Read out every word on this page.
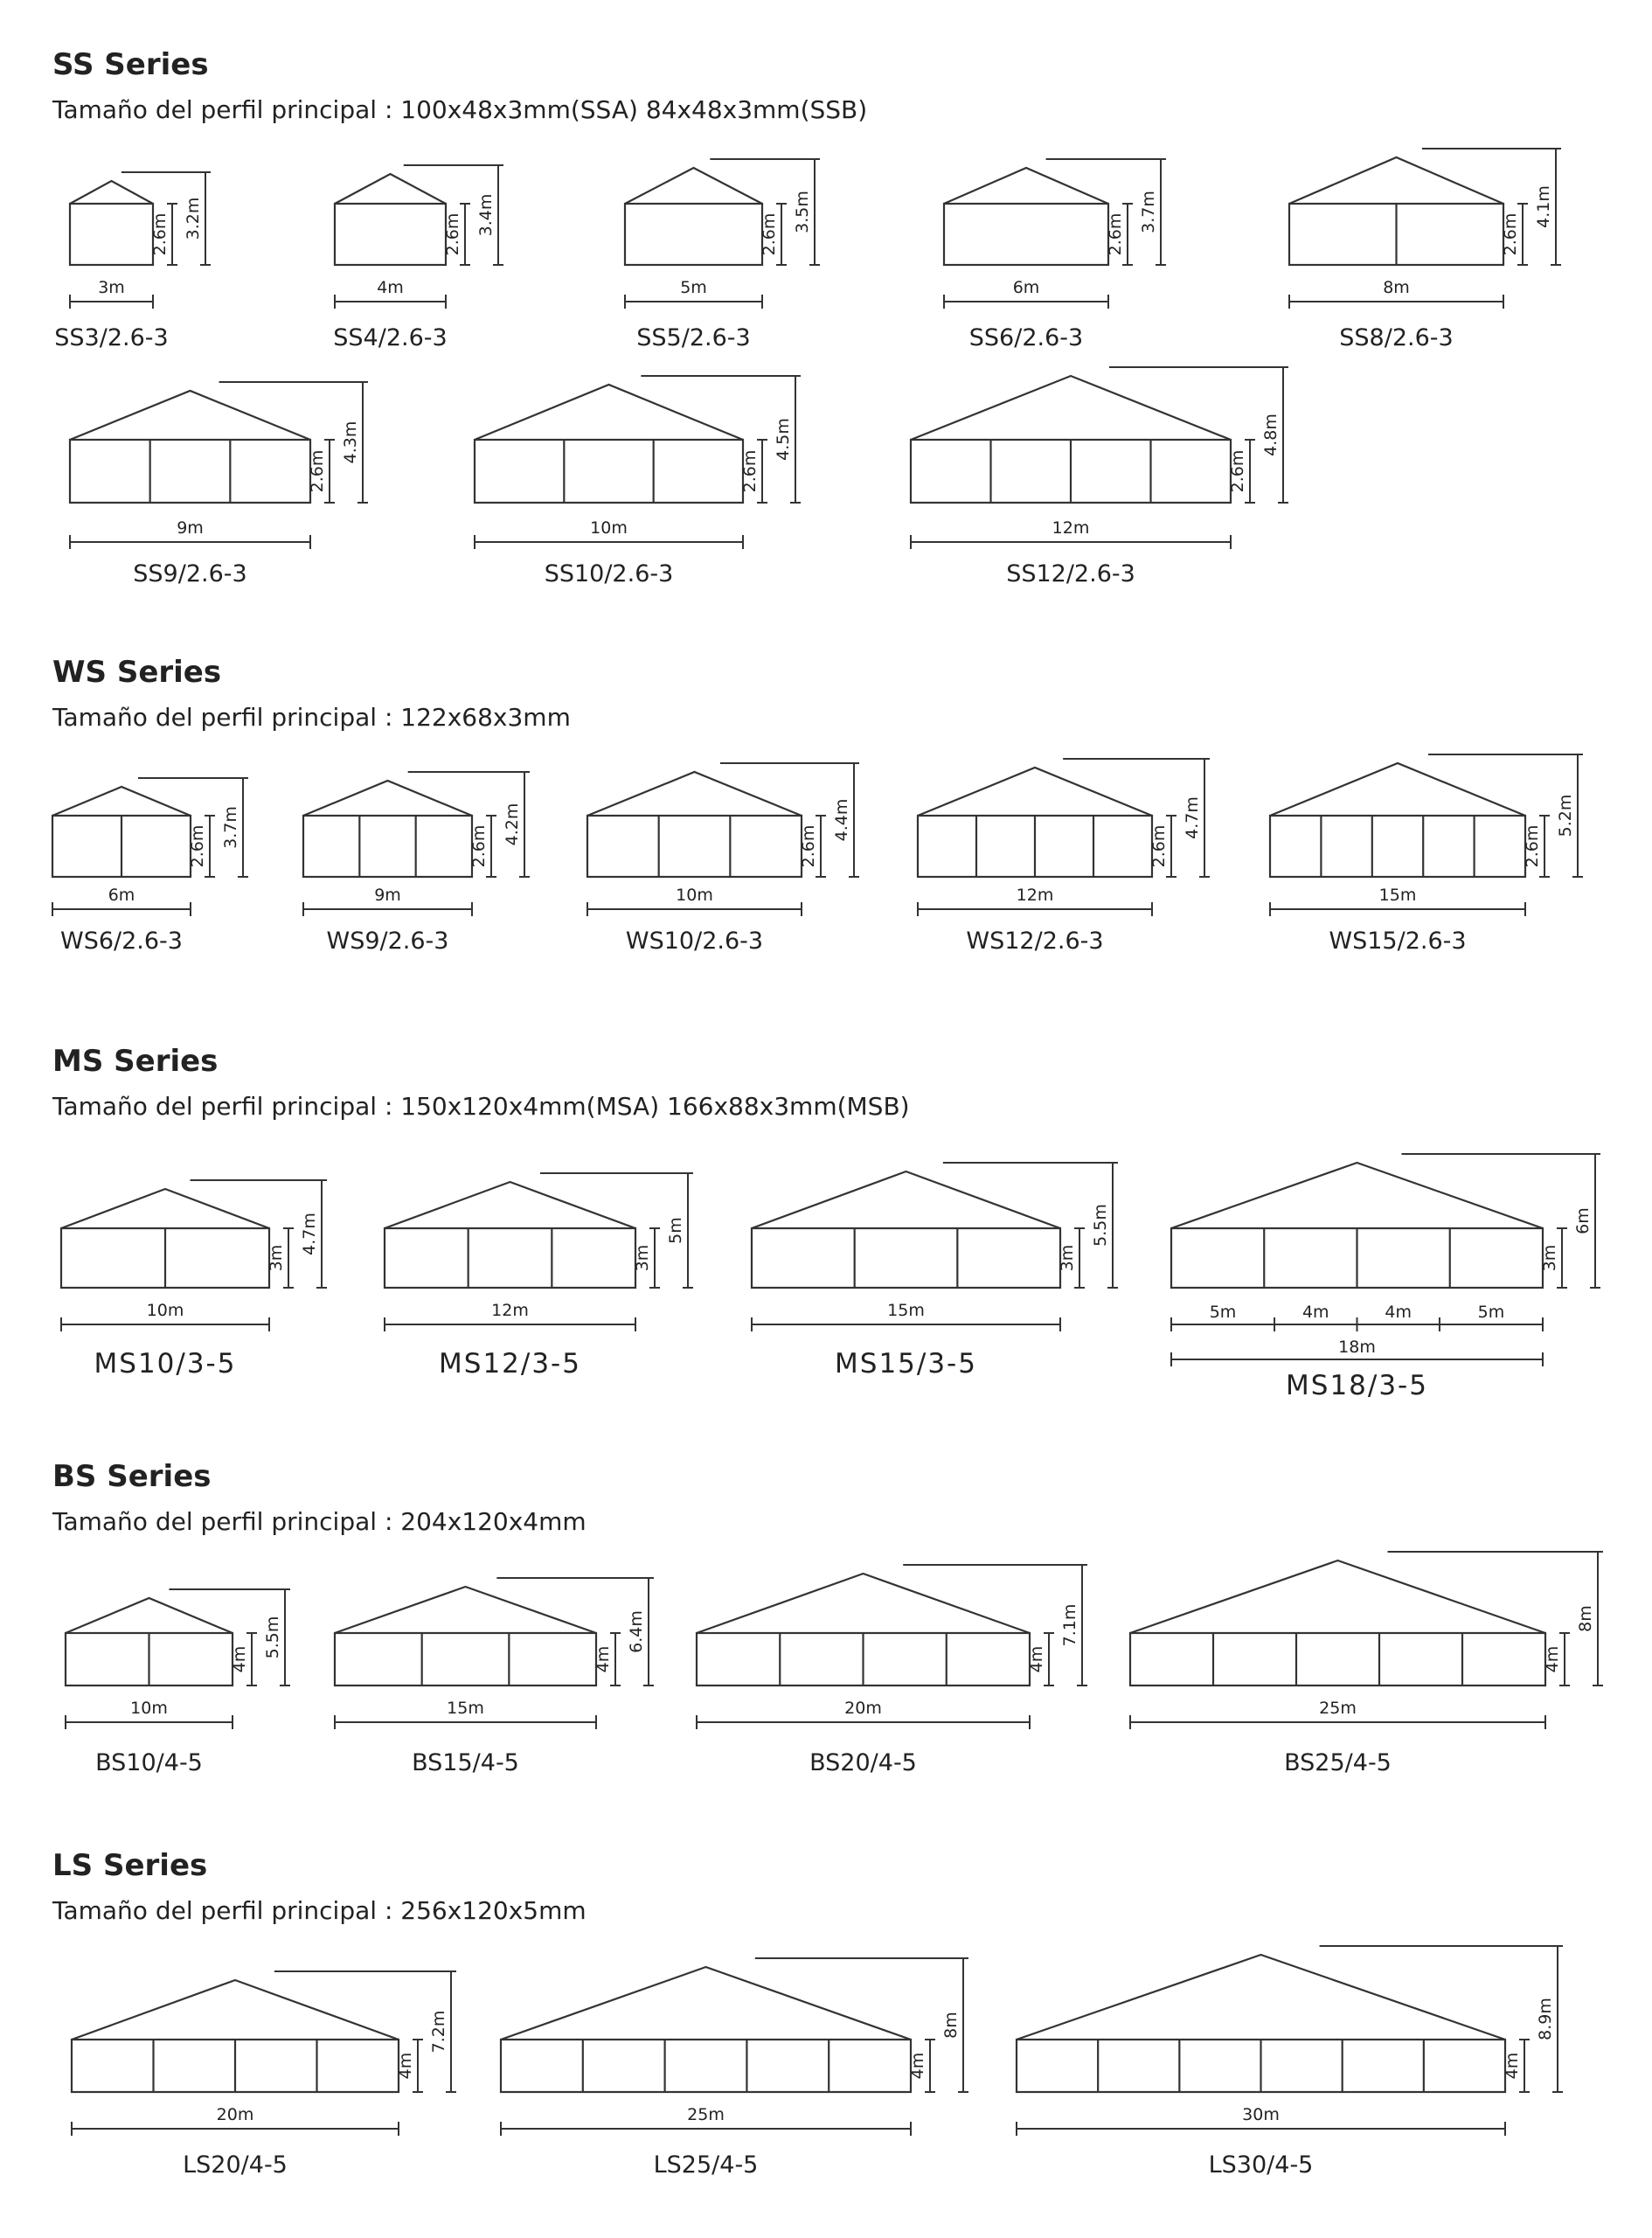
SS Series
Tamaño del perfil principal : 100x48x3mm(SSA) 84x48x3mm(SSB)
2.6m 3.2m
3m
SS3/2.6-3
2.6m 3.4m
4m
SS4/2.6-3
2.6m
3.5m
5m
SS5/2.6-3
2.6m
3.7m
6m
SS6/2.6-3
2.6m
4.1m
8m
SS8/2.6-3
2.6m
4.3m
9m
SS9/2.6-3
2.6m
4.5m
10m
SS10/2.6-3
2.6m
4.8m
12m
SS12/2.6-3
WS Series
Tamaño del perfil principal : 122x68x3mm
2.6m 3.7m
6m
WS6/2.6-3
2.6m
4.2m
9m
WS9/2.6-3
2.6m
4.4m
10m
WS10/2.6-3
2.6m
4.7m
12m
WS12/2.6-3
2.6m
5.2m
15m
WS15/2.6-3
MS Series
Tamaño del perfil principal : 150x120x4mm(MSA) 166x88x3mm(MSB)
3m
4.7m
10m
MS10/3-5
3m
5m
12m
MS12/3-5
3m
5.5m
15m
MS15/3-5
3m
6m
5m	4m	4m	5m
18m
MS18/3-5
BS Series
Tamaño del perfil principal : 204x120x4mm
4m
5.5m
10m
BS10/4-5
4m
6.4m
15m
BS15/4-5
4m
7.1m
20m
BS20/4-5
4m
8m
25m
BS25/4-5
LS Series
Tamaño del perfil principal : 256x120x5mm
4m
7.2m
20m
LS20/4-5
4m
8m
25m
LS25/4-5
4m
8.9m
30m
LS30/4-5
